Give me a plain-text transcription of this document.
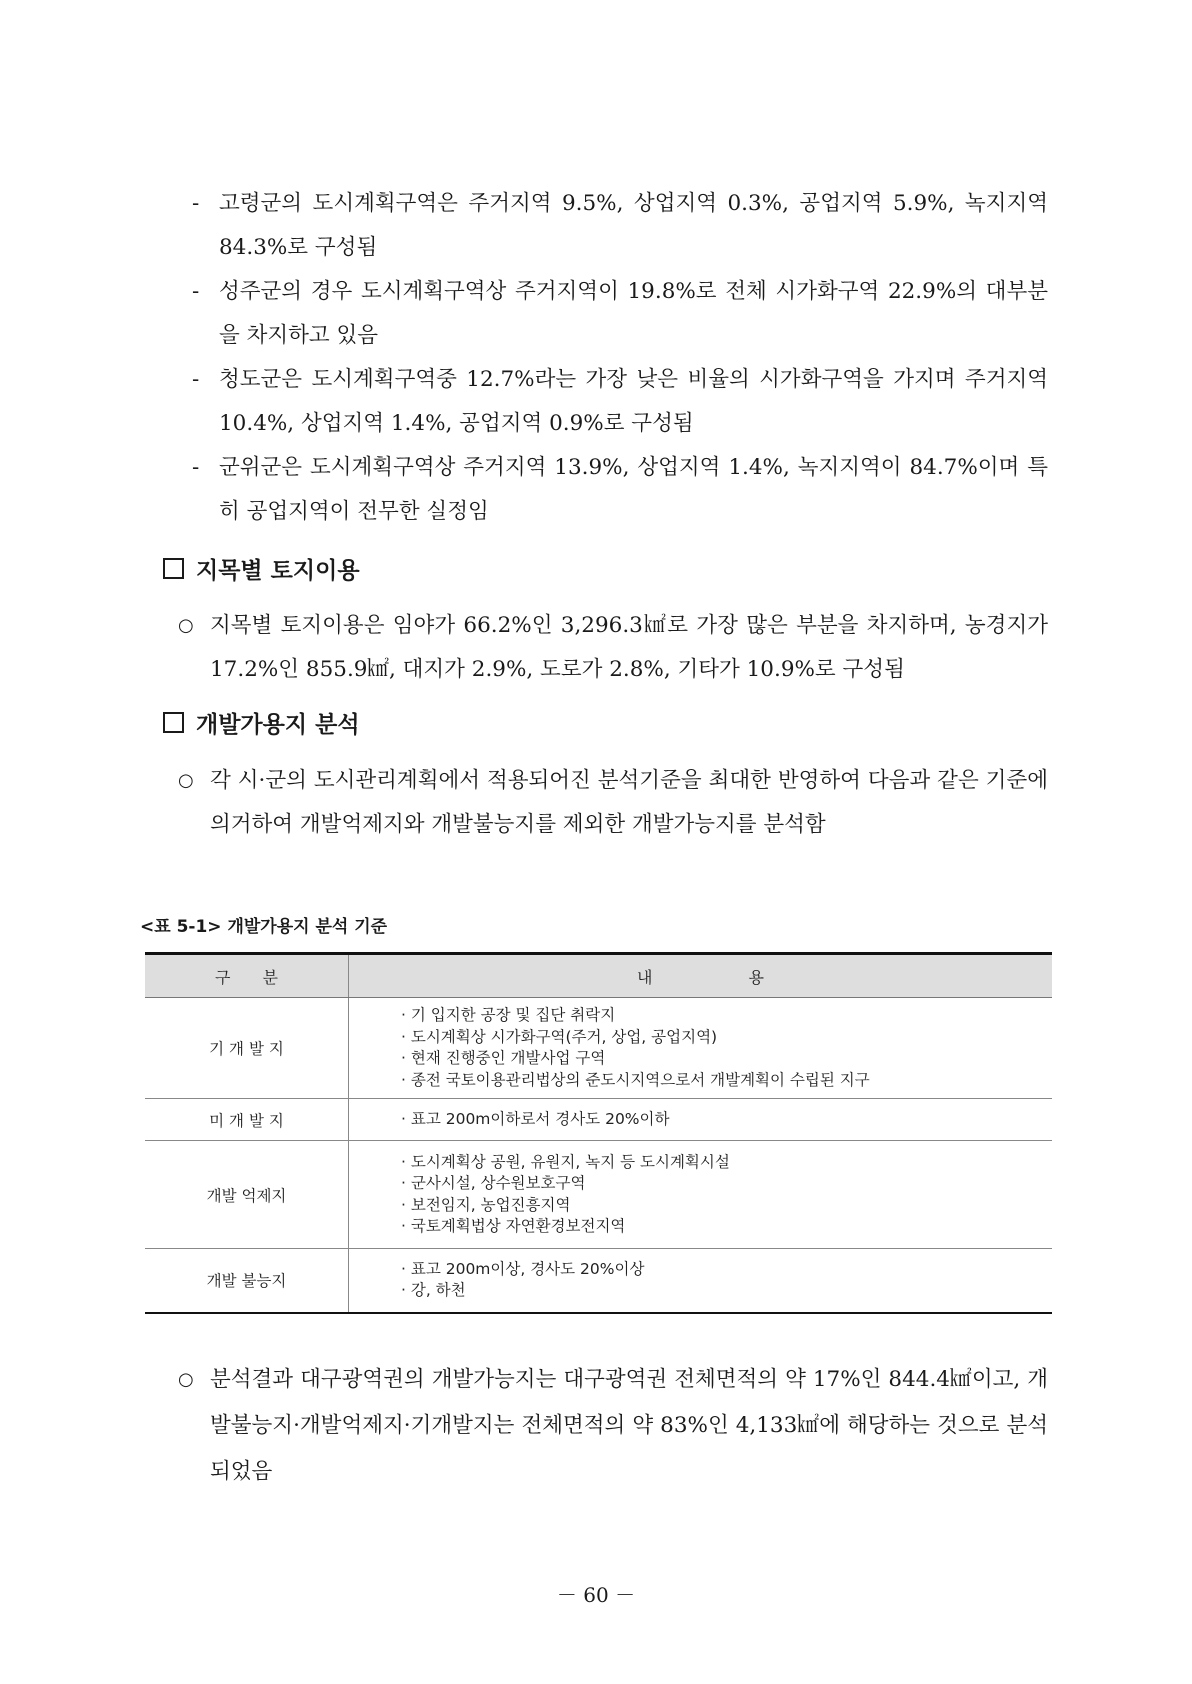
- 고령군의 도시계획구역은 주거지역 9.5%, 상업지역 0.3%, 공업지역 5.9%, 녹지지역 84.3%로 구성됨
- 성주군의 경우 도시계획구역상 주거지역이 19.8%로 전체 시가화구역 22.9%의 대부분을 차지하고 있음
- 청도군은 도시계획구역중 12.7%라는 가장 낮은 비율의 시가화구역을 가지며 주거지역 10.4%, 상업지역 1.4%, 공업지역 0.9%로 구성됨
- 군위군은 도시계획구역상 주거지역 13.9%, 상업지역 1.4%, 녹지지역이 84.7%이며 특히 공업지역이 전무한 실정임
지목별 토지이용
○ 지목별 토지이용은 임야가 66.2%인 3,296.3㎢로 가장 많은 부분을 차지하며, 농경지가 17.2%인 855.9㎢, 대지가 2.9%, 도로가 2.8%, 기타가 10.9%로 구성됨
개발가용지 분석
○ 각 시·군의 도시관리계획에서 적용되어진 분석기준을 최대한 반영하여 다음과 같은 기준에 의거하여 개발억제지와 개발불능지를 제외한 개발가능지를 분석함
<표 5-1> 개발가용지 분석 기준
구　　분	내　　　　　　용
기 개 발 지	· 기 입지한 공장 및 집단 취락지
· 도시계획상 시가화구역(주거, 상업, 공업지역)
· 현재 진행중인 개발사업 구역
· 종전 국토이용관리법상의 준도시지역으로서 개발계획이 수립된 지구

미 개 발 지	· 표고 200m이하로서 경사도 20%이하

개발 억제지	· 도시계획상 공원, 유원지, 녹지 등 도시계획시설
· 군사시설, 상수원보호구역
· 보전임지, 농업진흥지역
· 국토계획법상 자연환경보전지역

개발 불능지	· 표고 200m이상, 경사도 20%이상
· 강, 하천
○ 분석결과 대구광역권의 개발가능지는 대구광역권 전체면적의 약 17%인 844.4㎢이고, 개발불능지·개발억제지·기개발지는 전체면적의 약 83%인 4,133㎢에 해당하는 것으로 분석되었음
－ 60 －
